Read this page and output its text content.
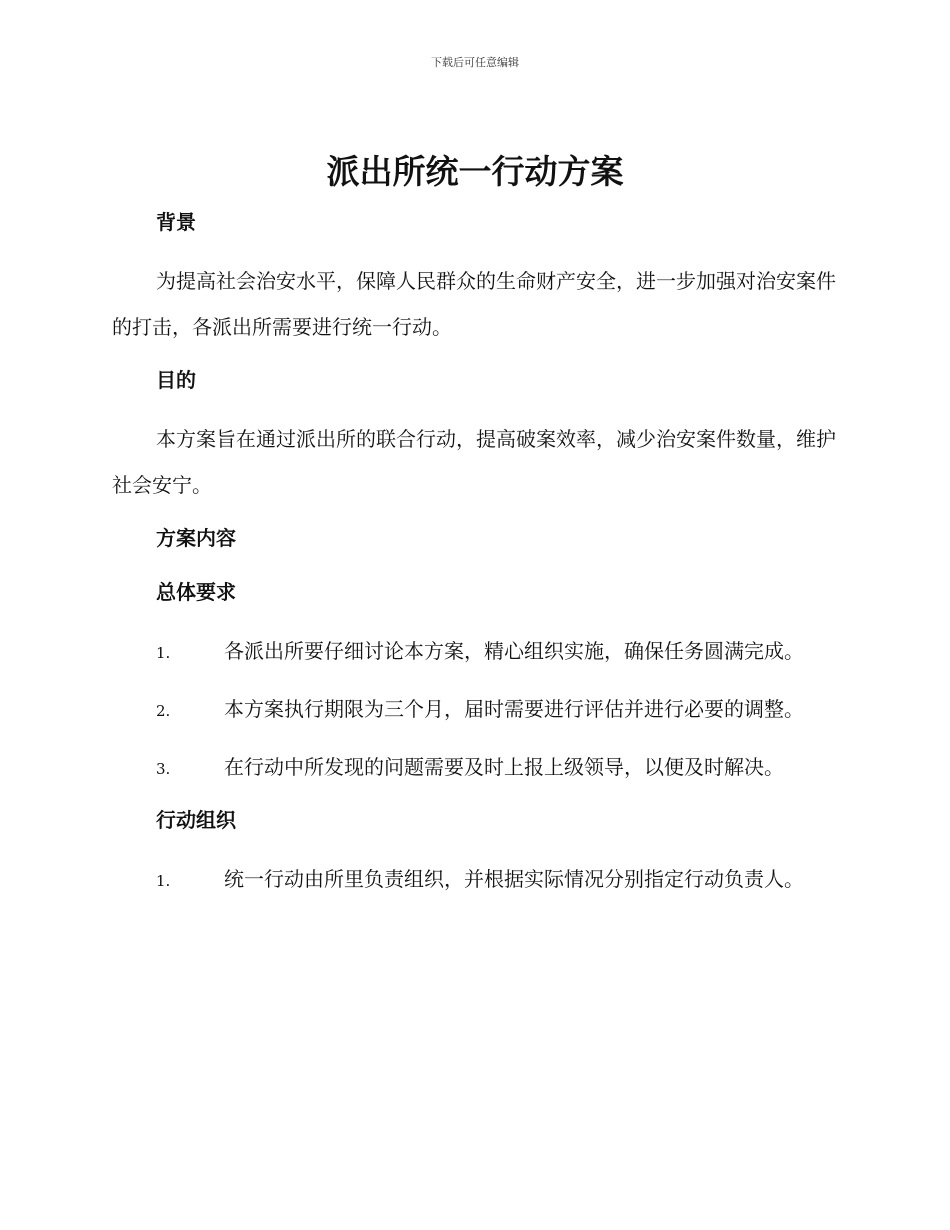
下载后可任意编辑
派出所统一行动方案
背景

为提高社会治安水平，保障人民群众的生命财产安全，进一步加强对治安案件的打击，各派出所需要进行统一行动。

目的

本方案旨在通过派出所的联合行动，提高破案效率，减少治安案件数量，维护社会安宁。

方案内容
总体要求

1.	各派出所要仔细讨论本方案，精心组织实施，确保任务圆满完成。

2.	本方案执行期限为三个月，届时需要进行评估并进行必要的调整。

3.	在行动中所发现的问题需要及时上报上级领导，以便及时解决。

行动组织

1.	统一行动由所里负责组织，并根据实际情况分别指定行动负责人。
